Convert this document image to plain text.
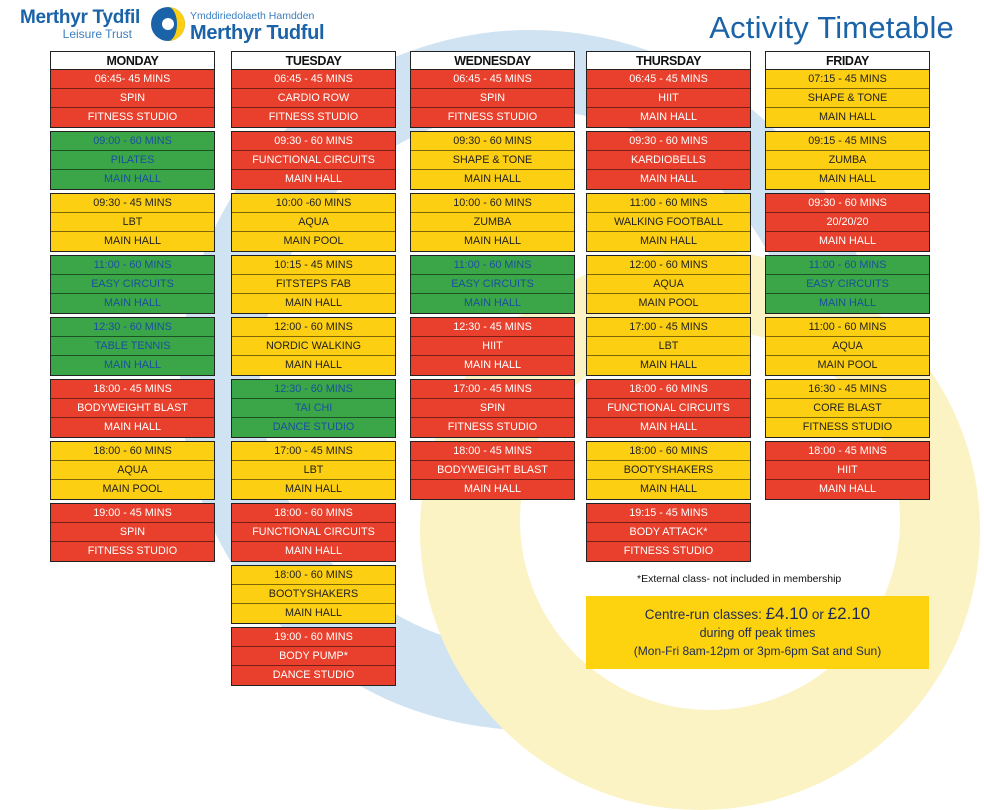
Merthyr Tydfil
Leisure Trust
Ymddiriedolaeth Hamdden
Merthyr Tudful	Activity Timetable
MONDAY
06:45- 45 MINS
SPIN
FITNESS STUDIO
09:00 - 60 MINS
PILATES
MAIN HALL
09:30 - 45 MINS
LBT
MAIN HALL
11:00 - 60 MINS
EASY CIRCUITS
MAIN HALL
12:30 - 60 MINS
TABLE TENNIS
MAIN HALL
18:00 - 45 MINS
BODYWEIGHT BLAST
MAIN HALL
18:00 - 60 MINS
AQUA
MAIN POOL
19:00 - 45 MINS
SPIN
FITNESS STUDIO
TUESDAY
06:45 - 45 MINS
CARDIO ROW
FITNESS STUDIO
09:30 - 60 MINS
FUNCTIONAL CIRCUITS
MAIN HALL
10:00 -60 MINS
AQUA
MAIN POOL
10:15 - 45 MINS
FITSTEPS FAB
MAIN HALL
12:00 - 60 MINS
NORDIC WALKING
MAIN HALL
12:30 - 60 MINS
TAI CHI
DANCE STUDIO
17:00 - 45 MINS
LBT
MAIN HALL
18:00 - 60 MINS
FUNCTIONAL CIRCUITS
MAIN HALL
18:00 - 60 MINS
BOOTYSHAKERS
MAIN HALL
19:00 - 60 MINS
BODY PUMP*
DANCE STUDIO
WEDNESDAY
06:45 - 45 MINS
SPIN
FITNESS STUDIO
09:30 - 60 MINS
SHAPE & TONE
MAIN HALL
10:00 - 60 MINS
ZUMBA
MAIN HALL
11:00 - 60 MINS
EASY CIRCUITS
MAIN HALL
12:30 - 45 MINS
HIIT
MAIN HALL
17:00 - 45 MINS
SPIN
FITNESS STUDIO
18:00 - 45 MINS
BODYWEIGHT BLAST
MAIN HALL
THURSDAY
06:45 - 45 MINS
HIIT
MAIN HALL
09:30 - 60 MINS
KARDIOBELLS
MAIN HALL
11:00 - 60 MINS
WALKING FOOTBALL
MAIN HALL
12:00 - 60 MINS
AQUA
MAIN POOL
17:00 - 45 MINS
LBT
MAIN HALL
18:00 - 60 MINS
FUNCTIONAL CIRCUITS
MAIN HALL
18:00 - 60 MINS
BOOTYSHAKERS
MAIN HALL
19:15 - 45 MINS
BODY ATTACK*
FITNESS STUDIO
FRIDAY
07:15 - 45 MINS
SHAPE & TONE
MAIN HALL
09:15 - 45 MINS
ZUMBA
MAIN HALL
09:30 - 60 MINS
20/20/20
MAIN HALL
11:00 - 60 MINS
EASY CIRCUITS
MAIN HALL
11:00 - 60 MINS
AQUA
MAIN POOL
16:30 - 45 MINS
CORE BLAST
FITNESS STUDIO
18:00 - 45 MINS
HIIT
MAIN HALL
*External class- not included in membership
Centre-run classes: £4.10 or £2.10
during off peak times
(Mon-Fri 8am-12pm or 3pm-6pm Sat and Sun)
